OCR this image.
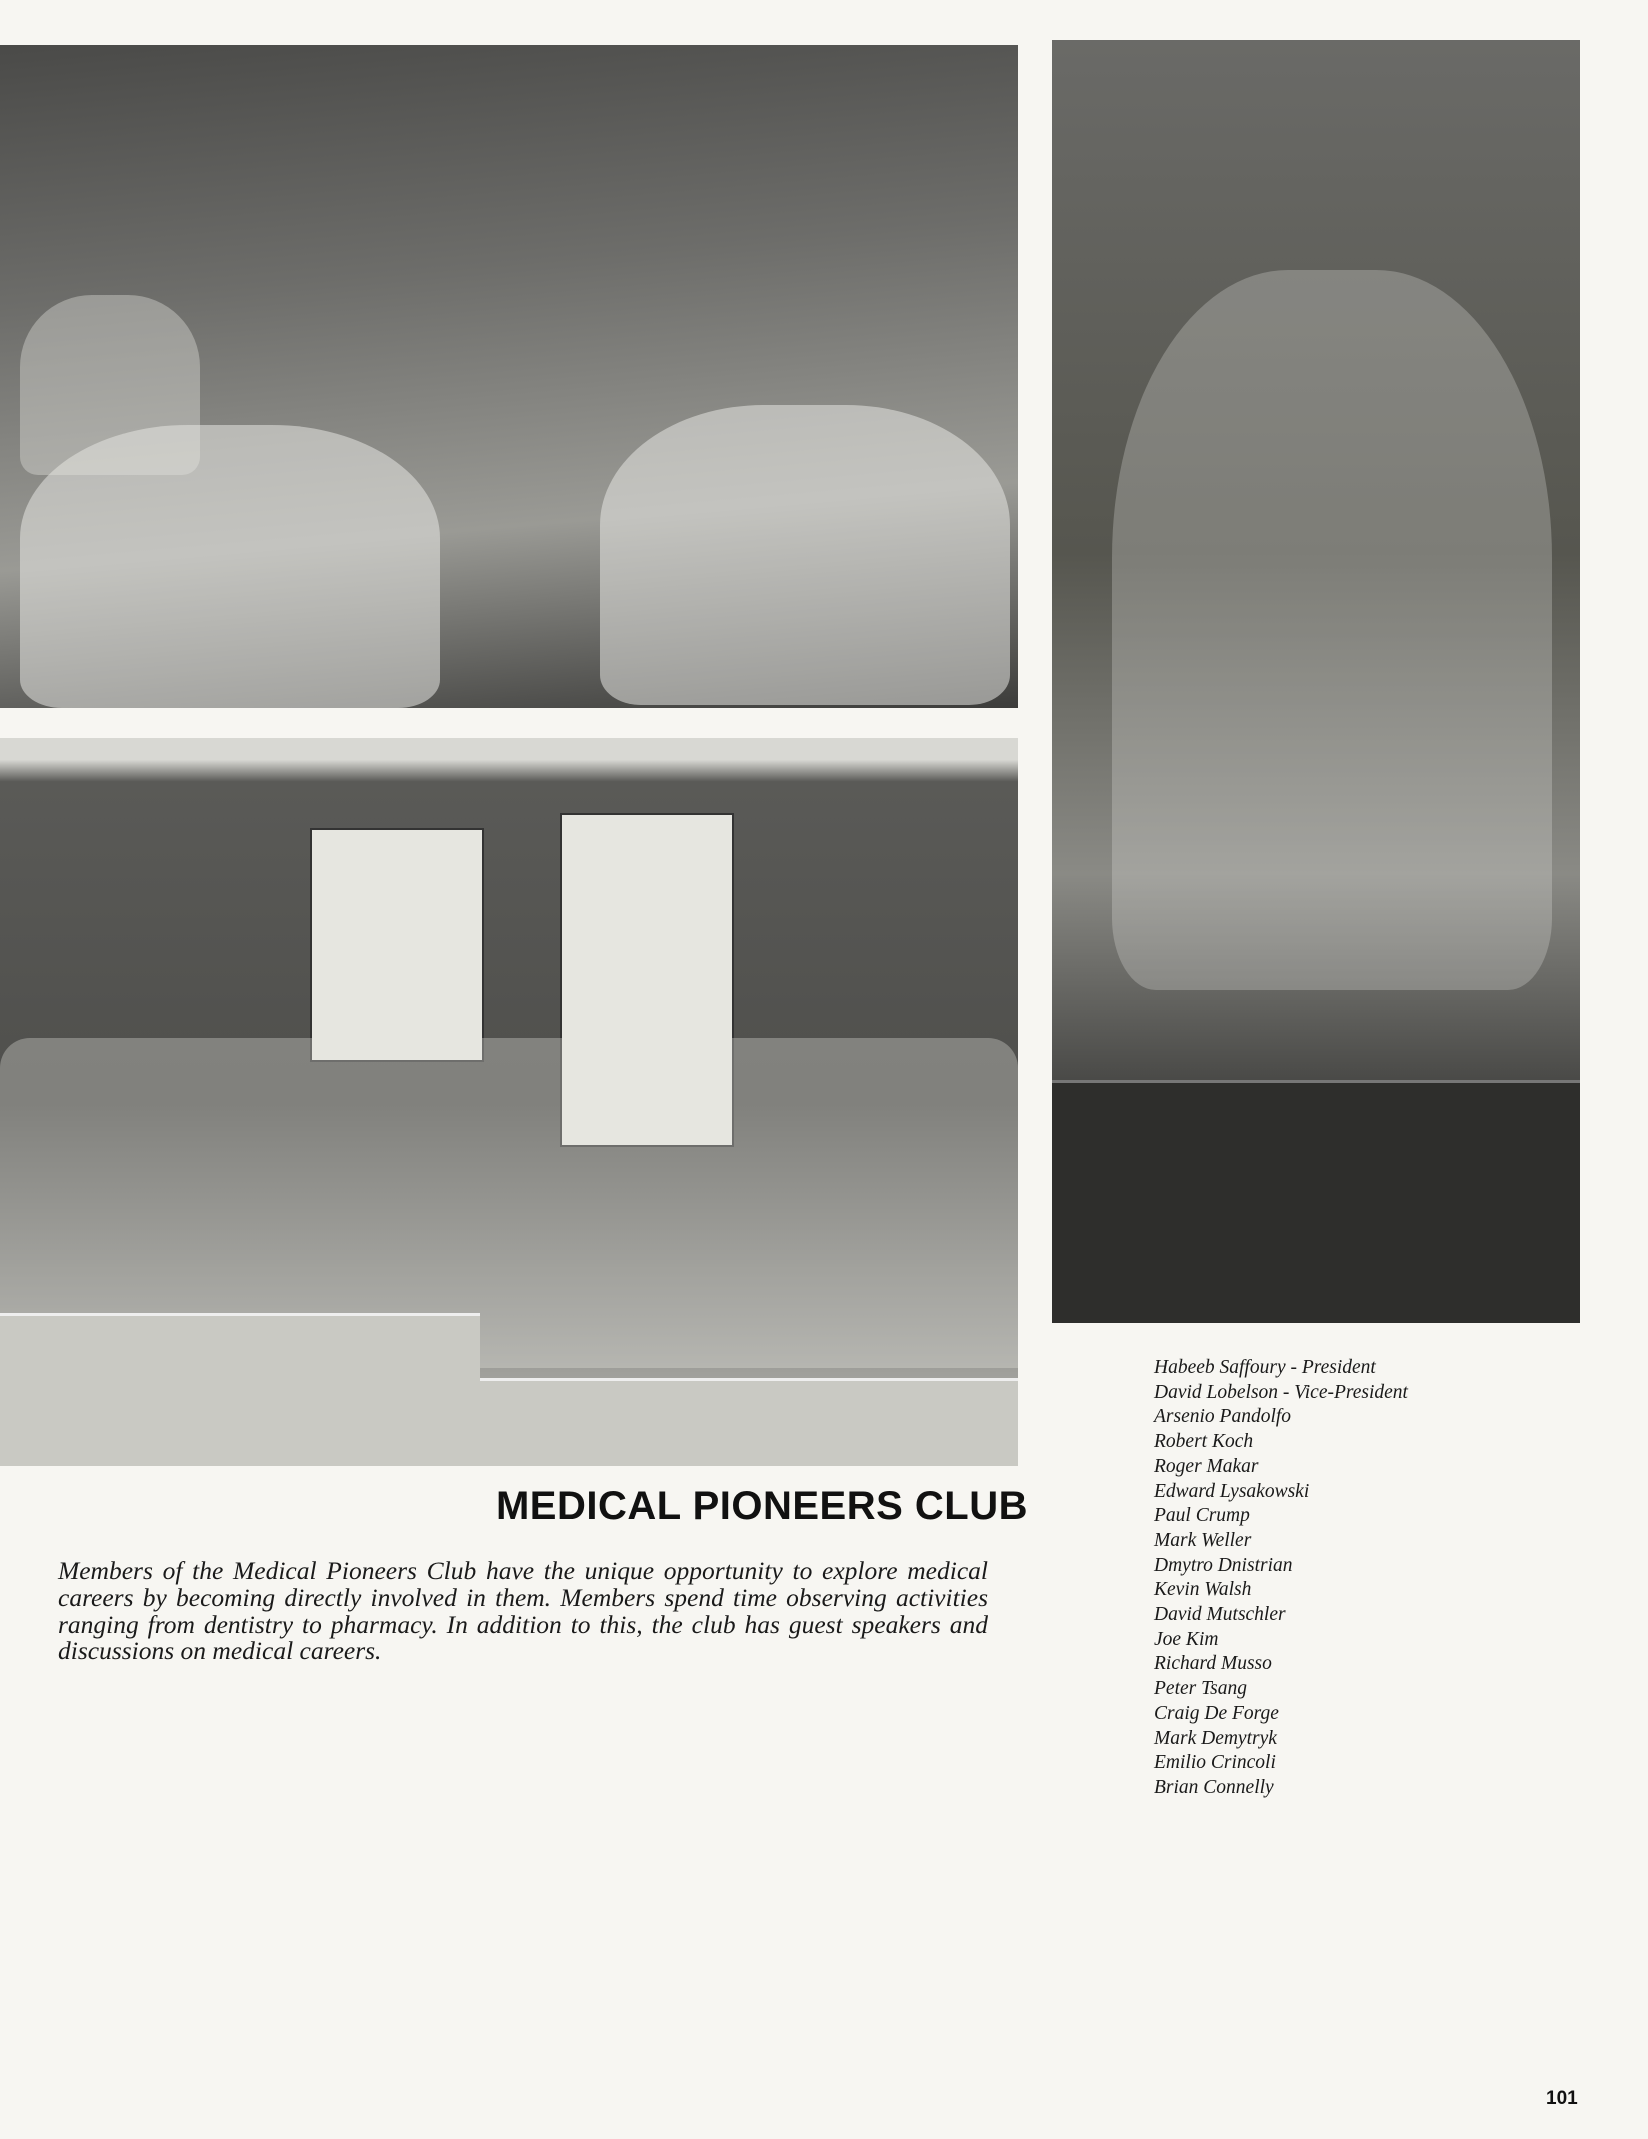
MEDICAL PIONEERS CLUB

Members of the Medical Pioneers Club have the unique opportunity to explore medical careers by becoming directly involved in them. Members spend time observing activities ranging from dentistry to pharmacy. In addition to this, the club has guest speakers and discussions on medical careers.

Habeeb Saffoury - President
David Lobelson - Vice-President
Arsenio Pandolfo
Robert Koch
Roger Makar
Edward Lysakowski
Paul Crump
Mark Weller
Dmytro Dnistrian
Kevin Walsh
David Mutschler
Joe Kim
Richard Musso
Peter Tsang
Craig De Forge
Mark Demytryk
Emilio Crincoli
Brian Connelly
101
